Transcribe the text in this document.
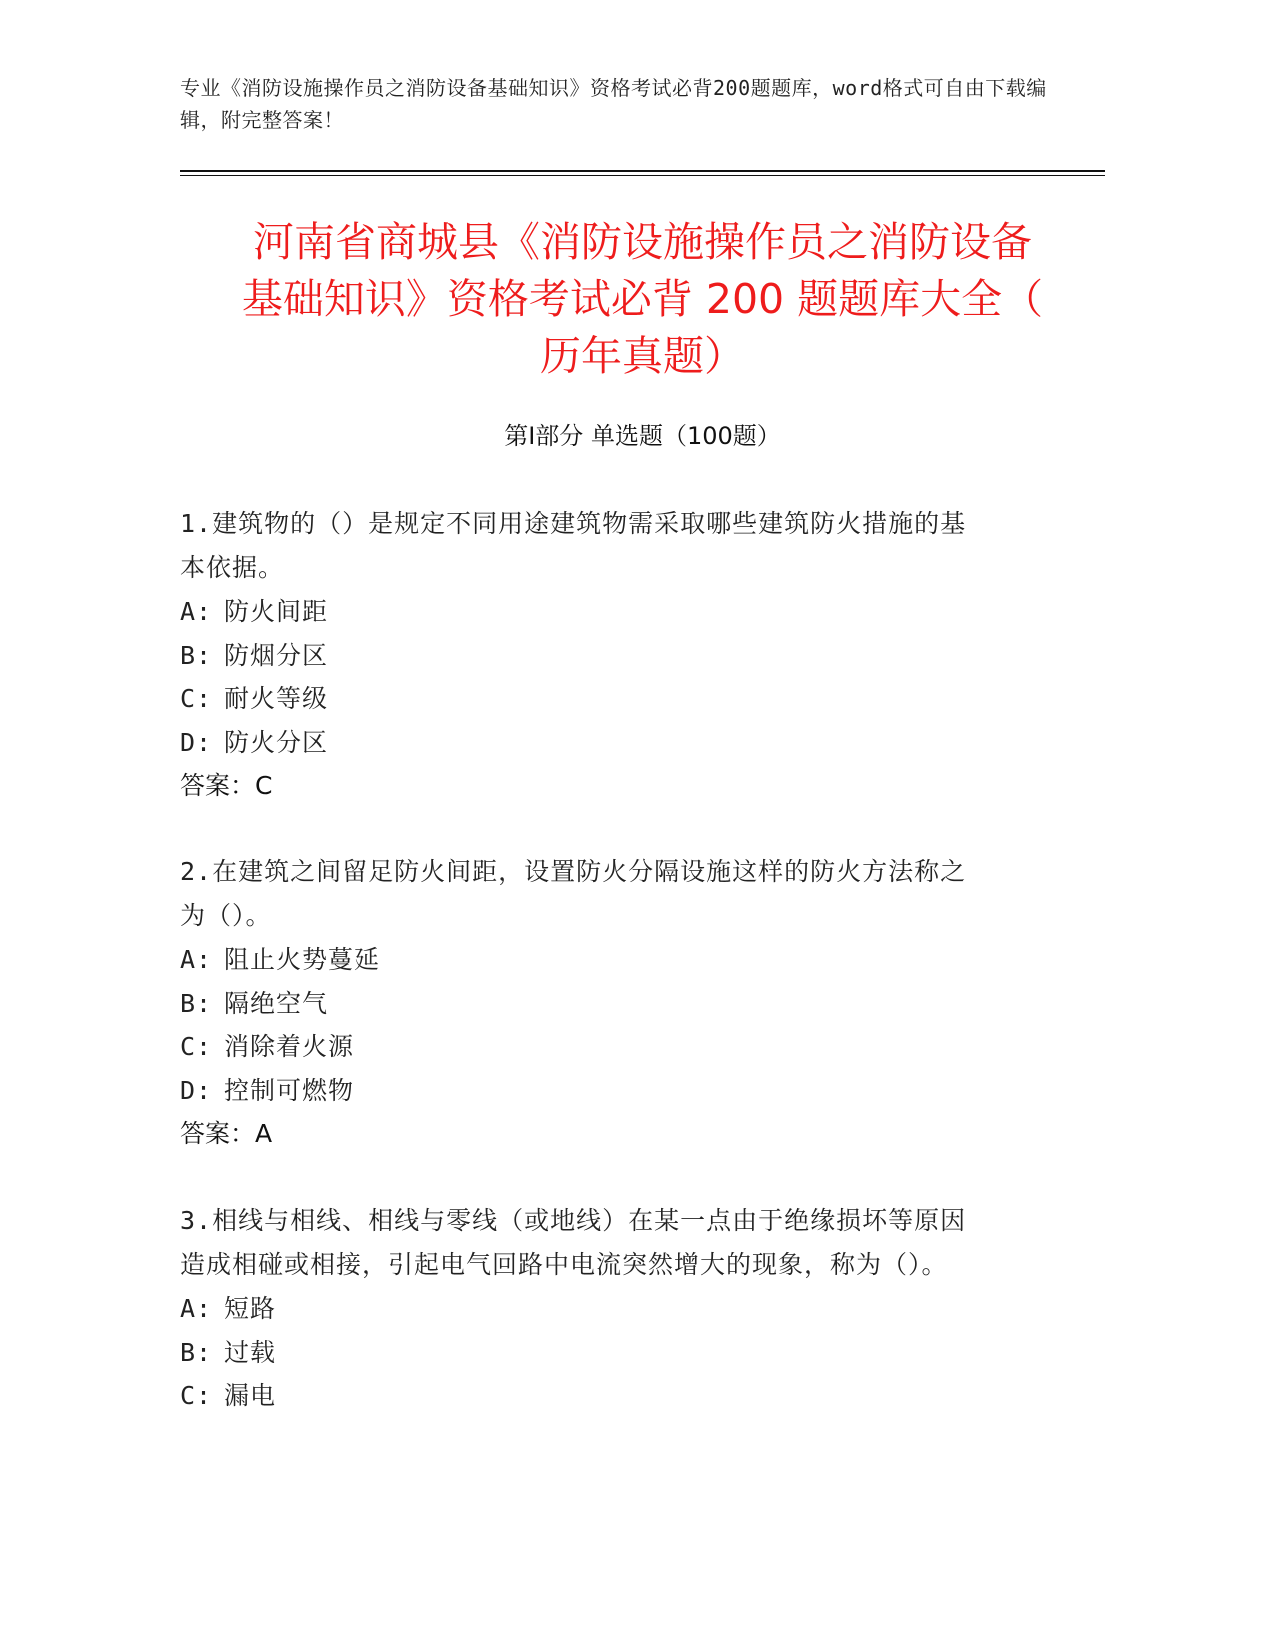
专业《消防设施操作员之消防设备基础知识》资格考试必背200题题库，word格式可自由下载编辑，附完整答案！
河南省商城县《消防设施操作员之消防设备
基础知识》资格考试必背 200 题题库大全（
历年真题）
第Ⅰ部分 单选题（100题）

1.建筑物的（）是规定不同用途建筑物需采取哪些建筑防火措施的基

本依据。

A: 防火间距

B: 防烟分区

C: 耐火等级

D: 防火分区

答案：C

2.在建筑之间留足防火间距，设置防火分隔设施这样的防火方法称之

为（）。

A: 阻止火势蔓延

B: 隔绝空气

C: 消除着火源

D: 控制可燃物

答案：A

3.相线与相线、相线与零线（或地线）在某一点由于绝缘损坏等原因

造成相碰或相接，引起电气回路中电流突然增大的现象，称为（）。

A: 短路

B: 过载

C: 漏电
